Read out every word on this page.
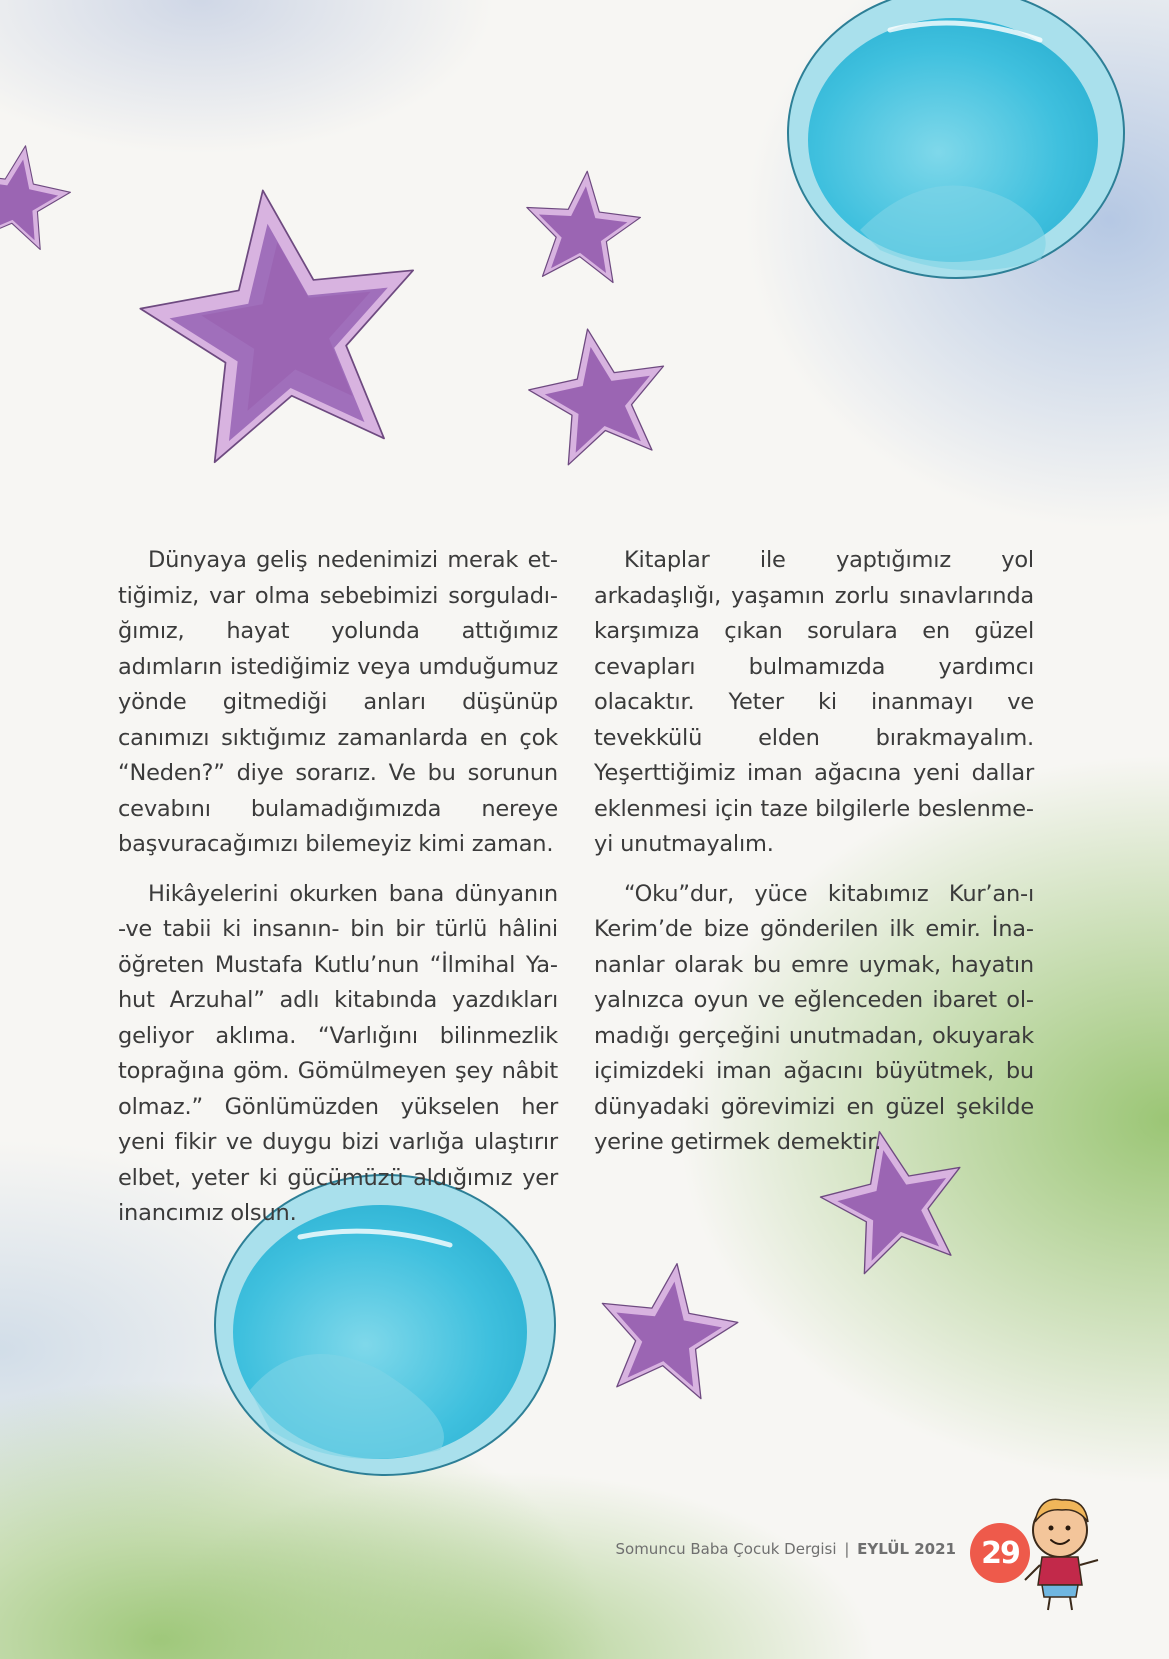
Dünyaya geliş nedenimizi merak ettiğimiz, var olma sebebimizi sorguladığımız, hayat yolunda attığımız adımların istediğimiz veya umduğumuz yönde gitmediği anları düşünüp canımızı sıktığımız zamanlarda en çok “Neden?” diye sorarız. Ve bu sorunun cevabını bulamadığımızda nereye başvuracağımızı bilemeyiz kimi zaman.

Hikâyelerini okurken bana dünyanın -ve tabii ki insanın- bin bir türlü hâlini öğreten Mustafa Kutlu’nun “İlmihal Yahut Arzuhal” adlı kitabında yazdıkları geliyor aklıma. “Varlığını bilinmezlik toprağına göm. Gömülmeyen şey nâbit olmaz.” Gönlümüzden yükselen her yeni fikir ve duygu bizi varlığa ulaştırır elbet, yeter ki gücümüzü aldığımız yer inancımız olsun.

Kitaplar ile yaptığımız yol arkadaşlığı, yaşamın zorlu sınavlarında karşımıza çıkan sorulara en güzel cevapları bulmamızda yardımcı olacaktır. Yeter ki inanmayı ve tevekkülü elden bırakmayalım. Yeşerttiğimiz iman ağacına yeni dallar eklenmesi için taze bilgilerle beslenmeyi unutmayalım.

“Oku”dur, yüce kitabımız Kur’an-ı Kerim’de bize gönderilen ilk emir. İnananlar olarak bu emre uymak, hayatın yalnızca oyun ve eğlenceden ibaret olmadığı gerçeğini unutmadan, okuyarak içimizdeki iman ağacını büyütmek, bu dünyadaki görevimizi en güzel şekilde yerine getirmek demektir.

Somuncu Baba Çocuk Dergisi | EYLÜL 2021 29
